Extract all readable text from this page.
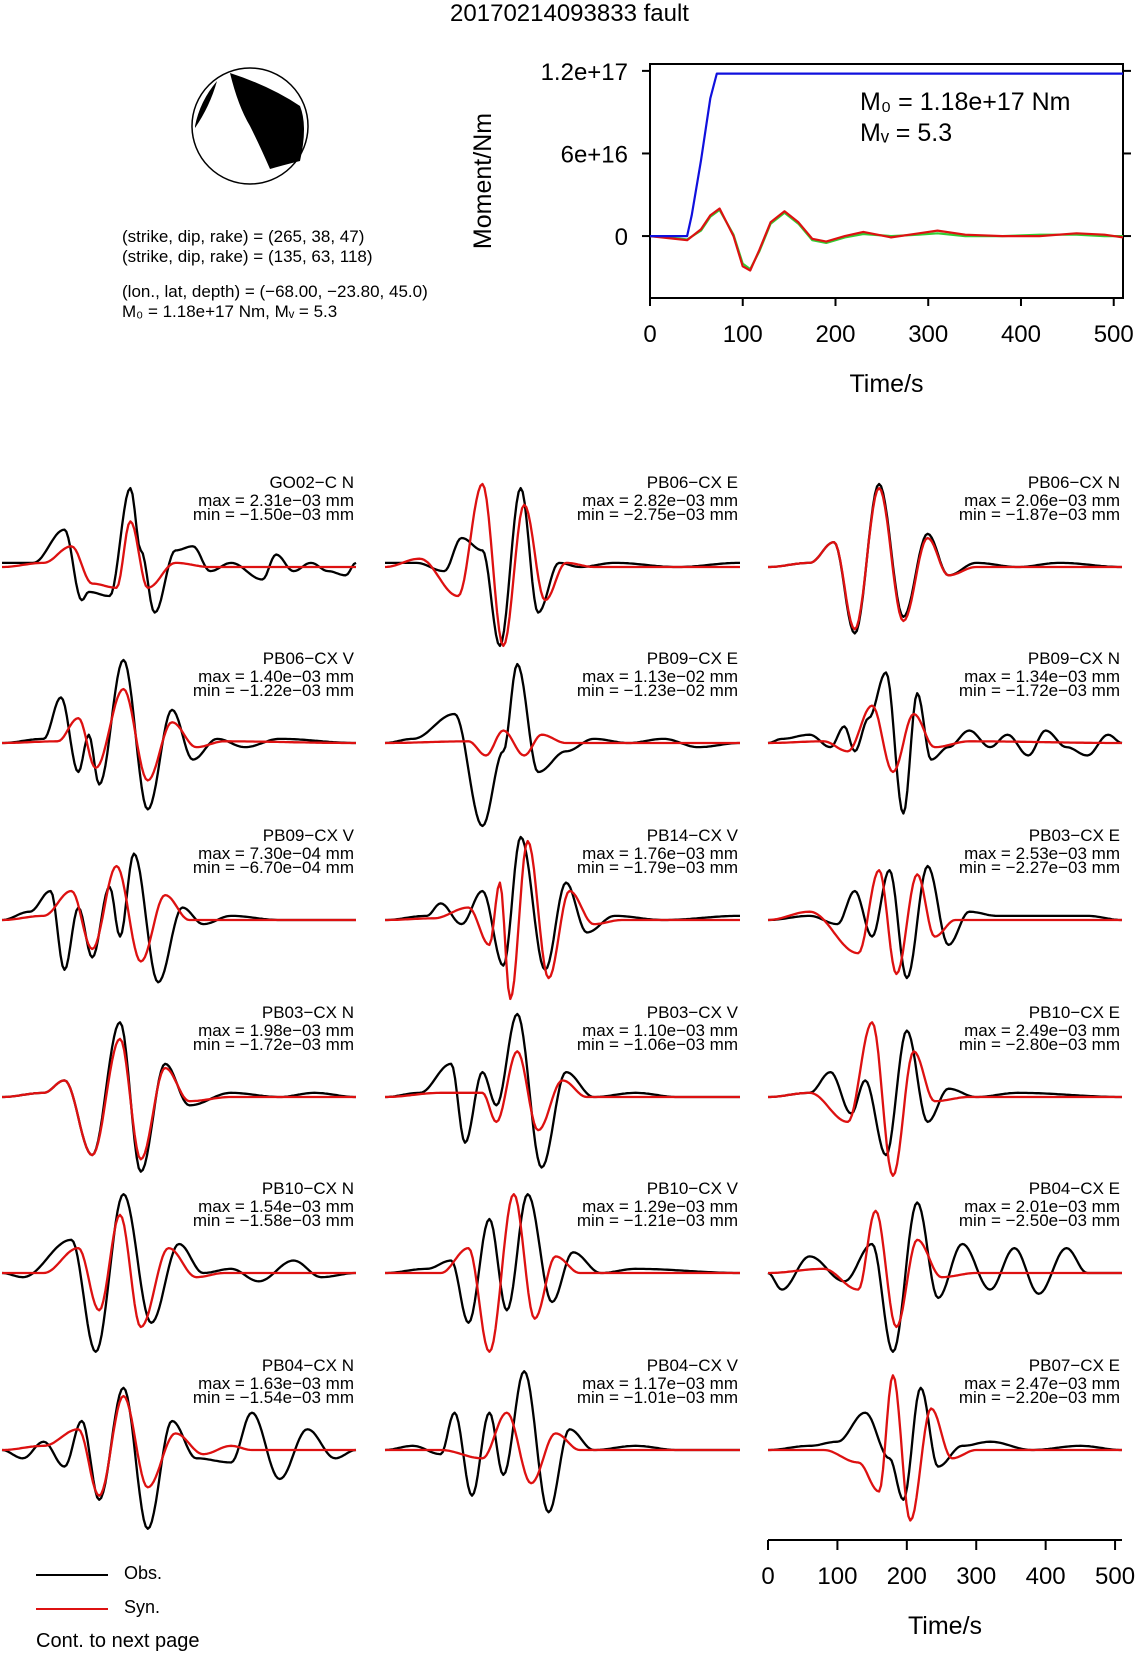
20170214093833 fault
(strike, dip, rake) = (265, 38, 47)
(strike, dip, rake) = (135, 63, 118)
(lon., lat, depth) = (−68.00, −23.80, 45.0)
M₀ = 1.18e+17 Nm, Mᵥ = 5.3
0
6e+16
1.2e+17
0	100 200 300 400 500
Time/s
Moment/Nm
M₀ = 1.18e+17 Nm
Mᵥ = 5.3
GO02−C N
max = 2.31e−03 mm
min = −1.50e−03 mm
PB06−CX E
max = 2.82e−03 mm
min = −2.75e−03 mm
PB06−CX N
max = 2.06e−03 mm
min = −1.87e−03 mm
PB06−CX V
max = 1.40e−03 mm
min = −1.22e−03 mm
PB09−CX E
max = 1.13e−02 mm
min = −1.23e−02 mm
PB09−CX N
max = 1.34e−03 mm
min = −1.72e−03 mm
PB09−CX V
max = 7.30e−04 mm
min = −6.70e−04 mm
PB14−CX V
max = 1.76e−03 mm
min = −1.79e−03 mm
PB03−CX E
max = 2.53e−03 mm
min = −2.27e−03 mm
PB03−CX N
max = 1.98e−03 mm
min = −1.72e−03 mm
PB03−CX V
max = 1.10e−03 mm
min = −1.06e−03 mm
PB10−CX E
max = 2.49e−03 mm
min = −2.80e−03 mm
PB10−CX N
max = 1.54e−03 mm
min = −1.58e−03 mm
PB10−CX V
max = 1.29e−03 mm
min = −1.21e−03 mm
PB04−CX E
max = 2.01e−03 mm
min = −2.50e−03 mm
PB04−CX N
max = 1.63e−03 mm
min = −1.54e−03 mm
PB04−CX V
max = 1.17e−03 mm
min = −1.01e−03 mm
PB07−CX E
max = 2.47e−03 mm
min = −2.20e−03 mm
0 100 200 300 400 500
Time/s
Obs.
Syn.
Cont. to next page
